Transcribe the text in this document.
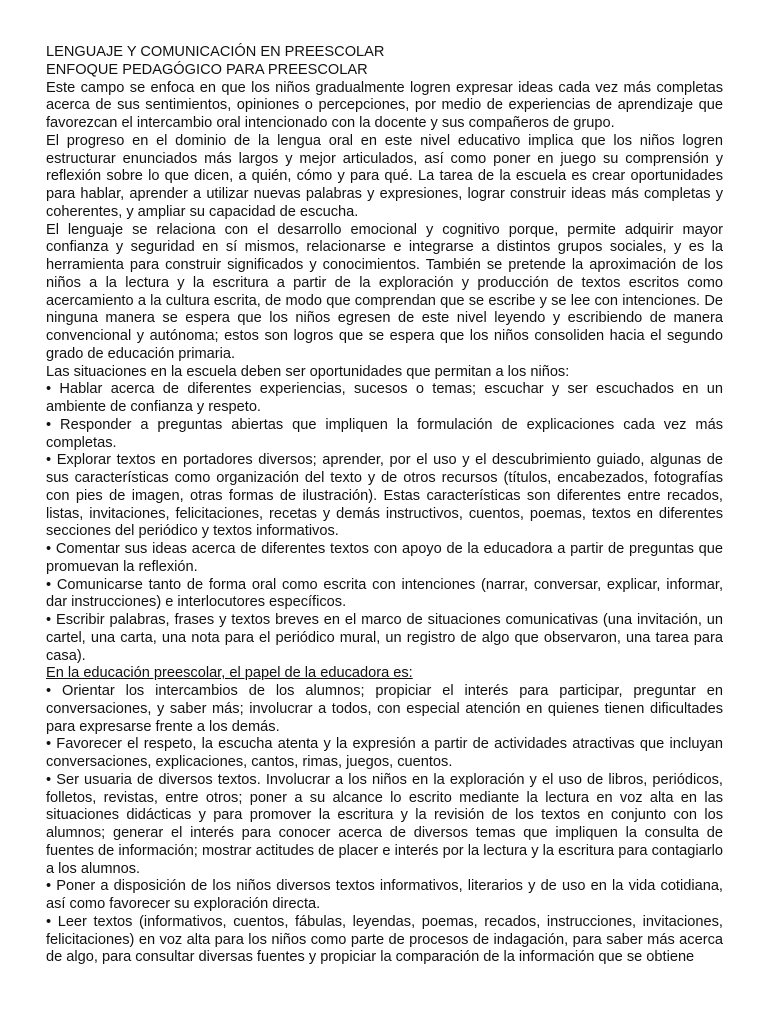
LENGUAJE Y COMUNICACIÓN EN PREESCOLAR

ENFOQUE PEDAGÓGICO PARA PREESCOLAR

Este campo se enfoca en que los niños gradualmente logren expresar ideas cada vez más completas acerca de sus sentimientos, opiniones o percepciones, por medio de experiencias de aprendizaje que favorezcan el intercambio oral intencionado con la docente y sus compañeros de grupo.

El progreso en el dominio de la lengua oral en este nivel educativo implica que los niños logren estructurar enunciados más largos y mejor articulados, así como poner en juego su comprensión y reflexión sobre lo que dicen, a quién, cómo y para qué. La tarea de la escuela es crear oportunidades para hablar, aprender a utilizar nuevas palabras y expresiones, lograr construir ideas más completas y coherentes, y ampliar su capacidad de escucha.

El lenguaje se relaciona con el desarrollo emocional y cognitivo porque, permite adquirir mayor confianza y seguridad en sí mismos, relacionarse e integrarse a distintos grupos sociales, y es la herramienta para construir significados y conocimientos. También se pretende la aproximación de los niños a la lectura y la escritura a partir de la exploración y producción de textos escritos como acercamiento a la cultura escrita, de modo que comprendan que se escribe y se lee con intenciones. De ninguna manera se espera que los niños egresen de este nivel leyendo y escribiendo de manera convencional y autónoma; estos son logros que se espera que los niños consoliden hacia el segundo grado de educación primaria.

Las situaciones en la escuela deben ser oportunidades que permitan a los niños:

• Hablar acerca de diferentes experiencias, sucesos o temas; escuchar y ser escuchados en un ambiente de confianza y respeto.

• Responder a preguntas abiertas que impliquen la formulación de explicaciones cada vez más completas.

• Explorar textos en portadores diversos; aprender, por el uso y el descubrimiento guiado, algunas de sus características como organización del texto y de otros recursos (títulos, encabezados, fotografías con pies de imagen, otras formas de ilustración). Estas características son diferentes entre recados, listas, invitaciones, felicitaciones, recetas y demás instructivos, cuentos, poemas, textos en diferentes secciones del periódico y textos informativos.

• Comentar sus ideas acerca de diferentes textos con apoyo de la educadora a partir de preguntas que promuevan la reflexión.

• Comunicarse tanto de forma oral como escrita con intenciones (narrar, conversar, explicar, informar, dar instrucciones) e interlocutores específicos.

• Escribir palabras, frases y textos breves en el marco de situaciones comunicativas (una invitación, un cartel, una carta, una nota para el periódico mural, un registro de algo que observaron, una tarea para casa).

En la educación preescolar, el papel de la educadora es:

• Orientar los intercambios de los alumnos; propiciar el interés para participar, preguntar en conversaciones, y saber más; involucrar a todos, con especial atención en quienes tienen dificultades para expresarse frente a los demás.

• Favorecer el respeto, la escucha atenta y la expresión a partir de actividades atractivas que incluyan conversaciones, explicaciones, cantos, rimas, juegos, cuentos.

• Ser usuaria de diversos textos. Involucrar a los niños en la exploración y el uso de libros, periódicos, folletos, revistas, entre otros; poner a su alcance lo escrito mediante la lectura en voz alta en las situaciones didácticas y para promover la escritura y la revisión de los textos en conjunto con los alumnos; generar el interés para conocer acerca de diversos temas que impliquen la consulta de fuentes de información; mostrar actitudes de placer e interés por la lectura y la escritura para contagiarlo a los alumnos.

• Poner a disposición de los niños diversos textos informativos, literarios y de uso en la vida cotidiana, así como favorecer su exploración directa.

• Leer textos (informativos, cuentos, fábulas, leyendas, poemas, recados, instrucciones, invitaciones, felicitaciones) en voz alta para los niños como parte de procesos de indagación, para saber más acerca de algo, para consultar diversas fuentes y propiciar la comparación de la información que se obtiene
